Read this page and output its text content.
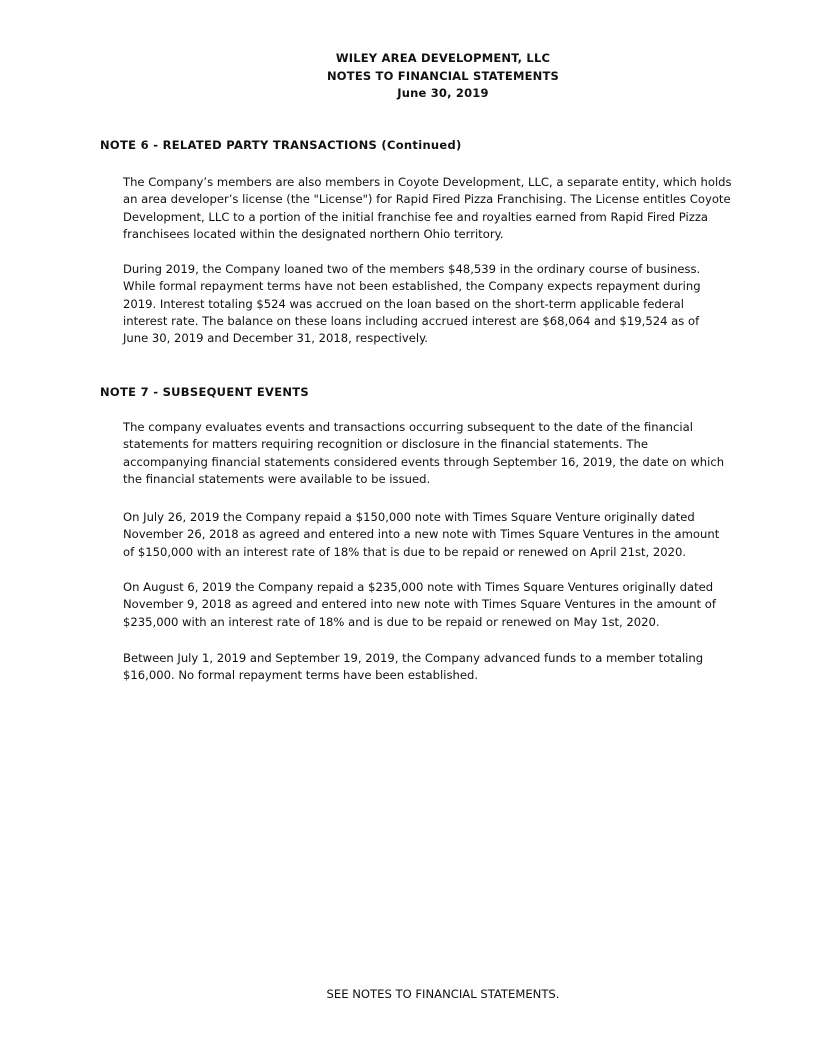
WILEY AREA DEVELOPMENT, LLC
NOTES TO FINANCIAL STATEMENTS
June 30, 2019
NOTE 6 - RELATED PARTY TRANSACTIONS (Continued)
The Company’s members are also members in Coyote Development, LLC, a separate entity, which holds
an area developer’s license (the "License") for Rapid Fired Pizza Franchising. The License entitles Coyote
Development, LLC to a portion of the initial franchise fee and royalties earned from Rapid Fired Pizza
franchisees located within the designated northern Ohio territory.
During 2019, the Company loaned two of the members $48,539 in the ordinary course of business.
While formal repayment terms have not been established, the Company expects repayment during
2019. Interest totaling $524 was accrued on the loan based on the short-term applicable federal
interest rate. The balance on these loans including accrued interest are $68,064 and $19,524 as of
June 30, 2019 and December 31, 2018, respectively.
NOTE 7 - SUBSEQUENT EVENTS
The company evaluates events and transactions occurring subsequent to the date of the financial
statements for matters requiring recognition or disclosure in the financial statements. The
accompanying financial statements considered events through September 16, 2019, the date on which
the financial statements were available to be issued.
On July 26, 2019 the Company repaid a $150,000 note with Times Square Venture originally dated
November 26, 2018 as agreed and entered into a new note with Times Square Ventures in the amount
of $150,000 with an interest rate of 18% that is due to be repaid or renewed on April 21st, 2020.
On August 6, 2019 the Company repaid a $235,000 note with Times Square Ventures originally dated
November 9, 2018 as agreed and entered into new note with Times Square Ventures in the amount of
$235,000 with an interest rate of 18% and is due to be repaid or renewed on May 1st, 2020.
Between July 1, 2019 and September 19, 2019, the Company advanced funds to a member totaling
$16,000. No formal repayment terms have been established.
SEE NOTES TO FINANCIAL STATEMENTS.
